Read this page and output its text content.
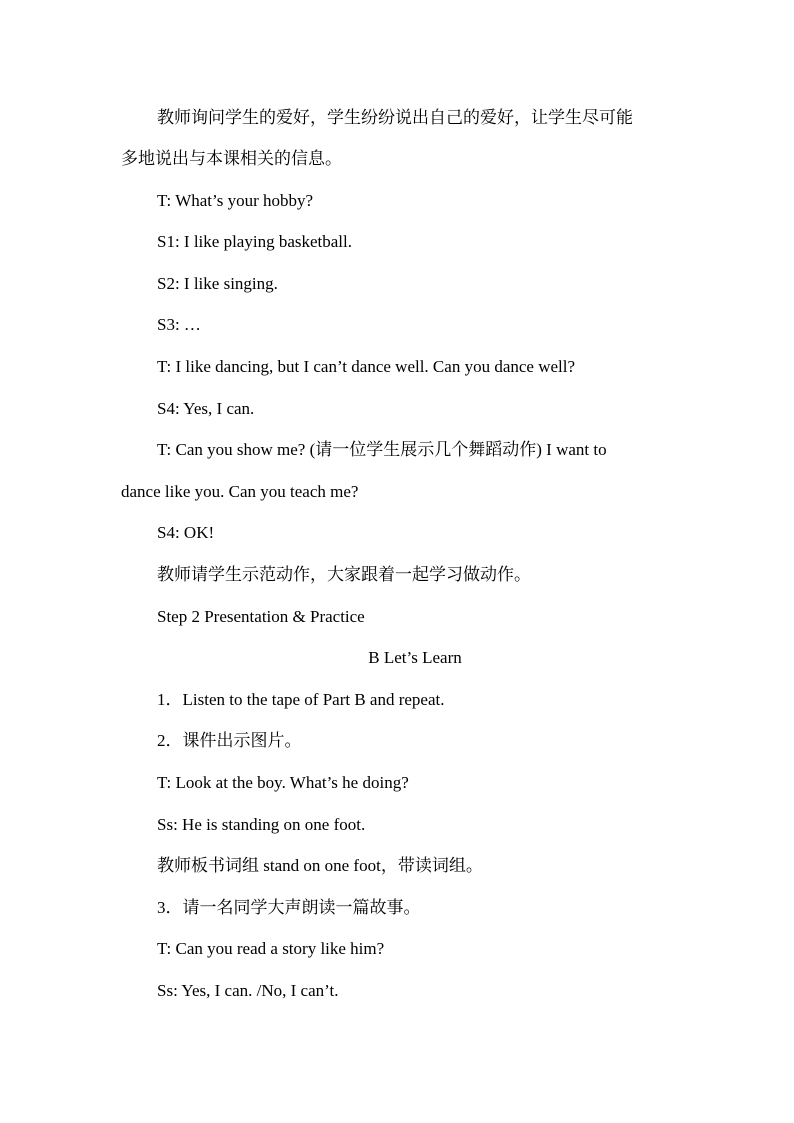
教师询问学生的爱好，学生纷纷说出自己的爱好，让学生尽可能
多地说出与本课相关的信息。
T: What’s your hobby?
S1: I like playing basketball.
S2: I like singing.
S3: …
T: I like dancing, but I can’t dance well. Can you dance well?
S4: Yes, I can.
T: Can you show me? (请一位学生展示几个舞蹈动作) I want to
dance like you. Can you teach me?
S4: OK!
教师请学生示范动作，大家跟着一起学习做动作。
Step 2 Presentation & Practice
B Let’s Learn
1．Listen to the tape of Part B and repeat.
2．课件出示图片。
T: Look at the boy. What’s he doing?
Ss: He is standing on one foot.
教师板书词组 stand on one foot，带读词组。
3．请一名同学大声朗读一篇故事。
T: Can you read a story like him?
Ss: Yes, I can. /No, I can’t.
